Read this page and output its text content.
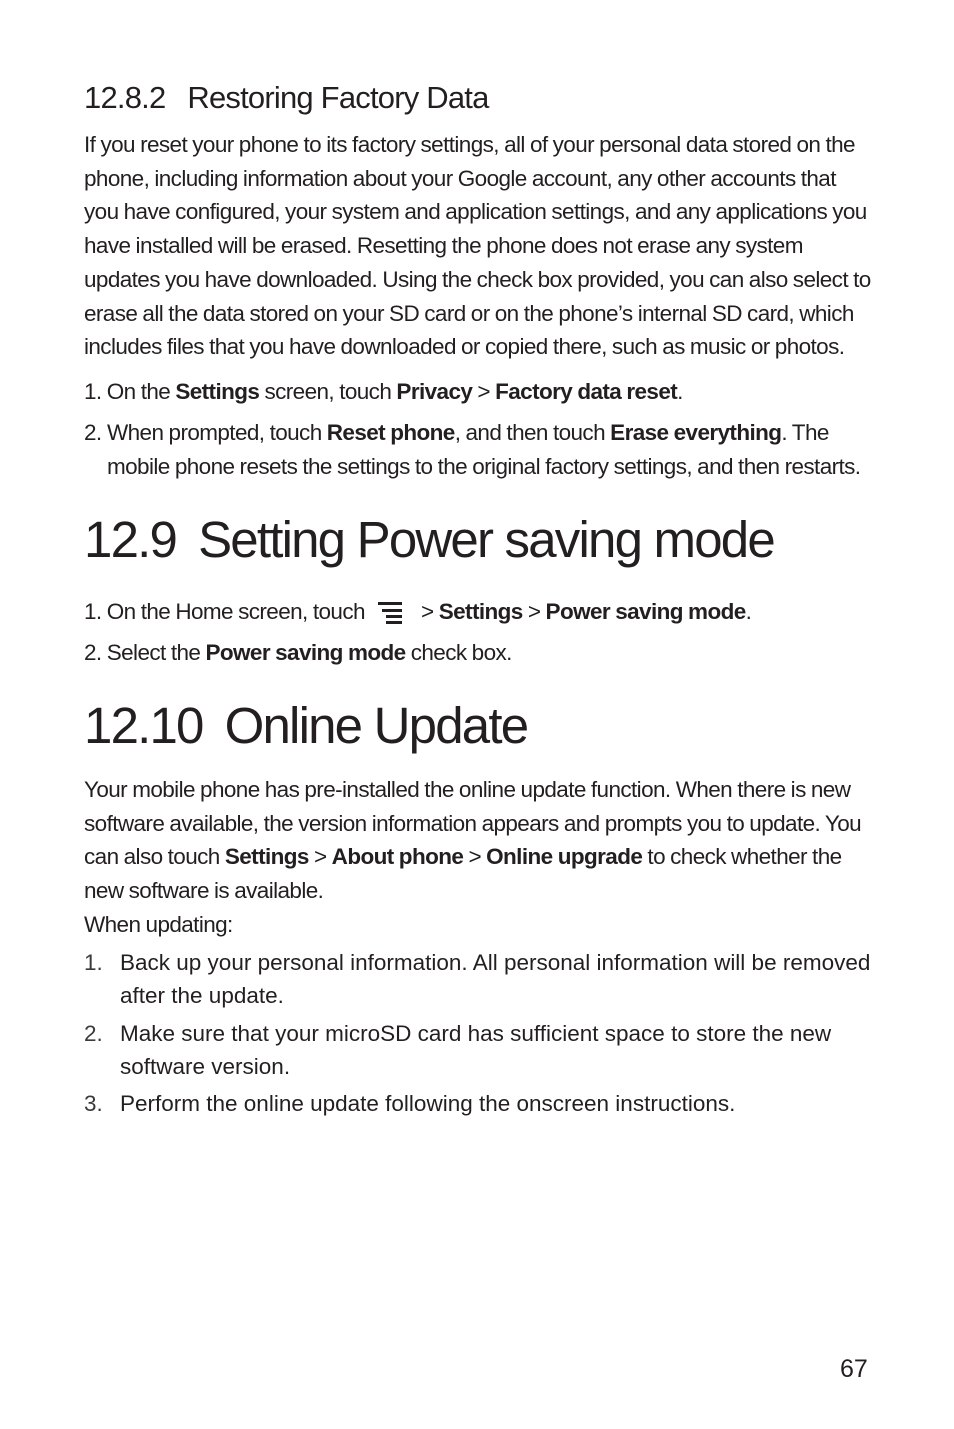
12.8.2 Restoring Factory Data

If you reset your phone to its factory settings, all of your personal data stored on the phone, including information about your Google account, any other accounts that you have configured, your system and application settings, and any applications you have installed will be erased. Resetting the phone does not erase any system updates you have downloaded. Using the check box provided, you can also select to erase all the data stored on your SD card or on the phone’s internal SD card, which includes files that you have downloaded or copied there, such as music or photos.

1. On the Settings screen, touch Privacy > Factory data reset.
2. When prompted, touch Reset phone, and then touch Erase everything. The mobile phone resets the settings to the original factory settings, and then restarts.
12.9 Setting Power saving mode
1. On the Home screen, touch
> Settings > Power saving mode.
2. Select the Power saving mode check box.
12.10 Online Update
Your mobile phone has pre-installed the online update function. When there is new software available, the version information appears and prompts you to update. You can also touch Settings > About phone > Online upgrade to check whether the new software is available.
When updating:
1. Back up your personal information. All personal information will be removed after the update.
2. Make sure that your microSD card has sufficient space to store the new software version.
3. Perform the online update following the onscreen instructions.
67
